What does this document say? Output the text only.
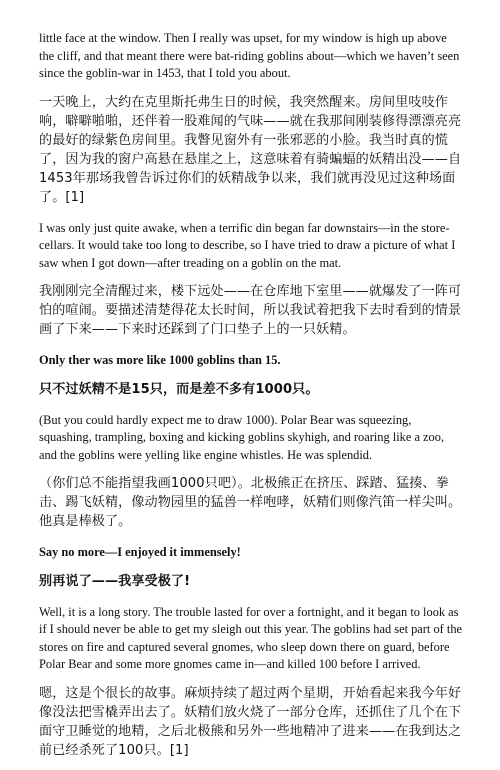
little face at the window. Then I really was upset, for my window is high up above the cliff, and that meant there were bat-riding goblins about—which we haven’t seen since the goblin-war in 1453, that I told you about.

一天晚上，大约在克里斯托弗生日的时候，我突然醒来。房间里吱吱作响，噼噼啪啪，还伴着一股难闻的气味——就在我那间刚装修得漂漂亮亮的最好的绿紫色房间里。我瞥见窗外有一张邪恶的小脸。我当时真的慌了，因为我的窗户高悬在悬崖之上，这意味着有骑蝙蝠的妖精出没——自1453年那场我曾告诉过你们的妖精战争以来，我们就再没见过这种场面了。[1]

I was only just quite awake, when a terrific din began far downstairs—in the store-cellars. It would take too long to describe, so I have tried to draw a picture of what I saw when I got down—after treading on a goblin on the mat.

我刚刚完全清醒过来，楼下远处——在仓库地下室里——就爆发了一阵可怕的喧闹。要描述清楚得花太长时间，所以我试着把我下去时看到的情景画了下来——下来时还踩到了门口垫子上的一只妖精。

Only ther was more like 1000 goblins than 15.

只不过妖精不是15只，而是差不多有1000只。

(But you could hardly expect me to draw 1000). Polar Bear was squeezing, squashing, trampling, boxing and kicking goblins skyhigh, and roaring like a zoo, and the goblins were yelling like engine whistles. He was splendid.

（你们总不能指望我画1000只吧）。北极熊正在挤压、踩踏、猛揍、拳击、踢飞妖精，像动物园里的猛兽一样咆哮，妖精们则像汽笛一样尖叫。他真是棒极了。

Say no more—I enjoyed it immensely!

别再说了——我享受极了!

Well, it is a long story. The trouble lasted for over a fortnight, and it began to look as if I should never be able to get my sleigh out this year. The goblins had set part of the stores on fire and captured several gnomes, who sleep down there on guard, before Polar Bear and some more gnomes came in—and killed 100 before I arrived.

嗯，这是个很长的故事。麻烦持续了超过两个星期，开始看起来我今年好像没法把雪橇弄出去了。妖精们放火烧了一部分仓库，还抓住了几个在下面守卫睡觉的地精，之后北极熊和另外一些地精冲了进来——在我到达之前已经杀死了100只。[1]
